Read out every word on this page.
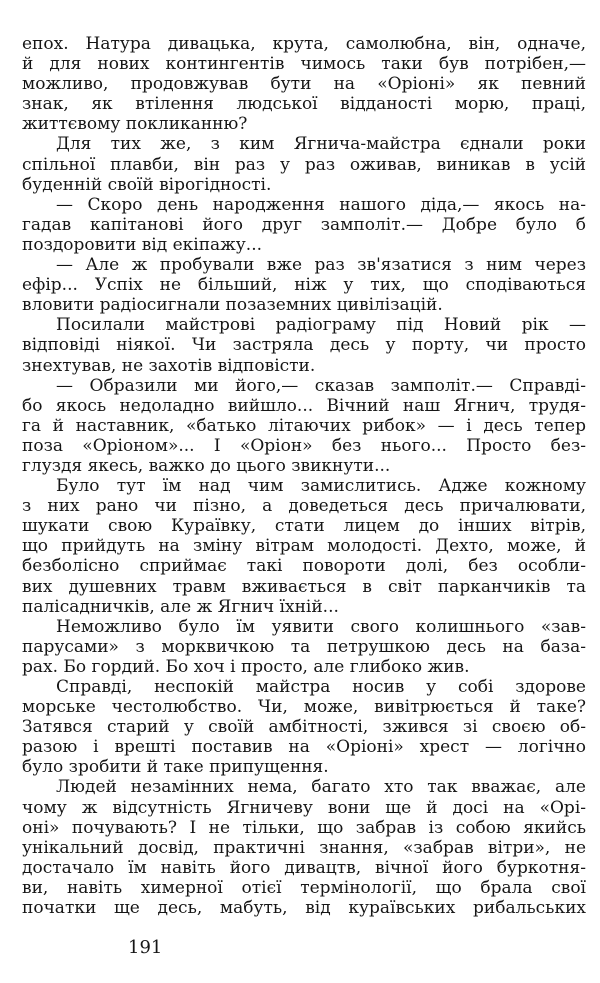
епох. Натура дивацька, крута, самолюбна, він, одначе,
й для нових контингентів чимось таки був потрібен,—
можливо, продовжував бути на «Оріоні» як певний
знак, як втілення людської відданості морю, праці,
життєвому покликанню?
Для тих же, з ким Ягнича-майстра єднали роки
спільної плавби, він раз у раз оживав, виникав в усій
буденній своїй вірогідності.
— Скоро день народження нашого діда,— якось на-
гадав капітанові його друг замполіт.— Добре було б
поздоровити від екіпажу...
— Але ж пробували вже раз зв'язатися з ним через
ефір... Успіх не більший, ніж у тих, що сподіваються
вловити радіосигнали позаземних цивілізацій.
Посилали майстрові радіограму під Новий рік —
відповіді ніякої. Чи застряла десь у порту, чи просто
знехтував, не захотів відповісти.
— Образили ми його,— сказав замполіт.— Справді-
бо якось недоладно вийшло... Вічний наш Ягнич, трудя-
га й наставник, «батько літаючих рибок» — і десь тепер
поза «Оріоном»... І «Оріон» без нього... Просто без-
глуздя якесь, важко до цього звикнути...
Було тут їм над чим замислитись. Адже кожному
з них рано чи пізно, а доведеться десь причалювати,
шукати свою Кураївку, стати лицем до інших вітрів,
що прийдуть на зміну вітрам молодості. Дехто, може, й
безболісно сприймає такі повороти долі, без особли-
вих душевних травм вживається в світ парканчиків та
палісадничків, але ж Ягнич їхній...
Неможливо було їм уявити свого колишнього «зав-
парусами» з морквичкою та петрушкою десь на база-
рах. Бо гордий. Бо хоч і просто, але глибоко жив.
Справді, неспокій майстра носив у собі здорове
морське честолюбство. Чи, може, вивітрюється й таке?
Затявся старий у своїй амбітності, зжився зі своєю об-
разою і врешті поставив на «Оріоні» хрест — логічно
було зробити й таке припущення.
Людей незамінних нема, багато хто так вважає, але
чому ж відсутність Ягничеву вони ще й досі на «Орі-
оні» почувають? І не тільки, що забрав із собою якийсь
унікальний досвід, практичні знання, «забрав вітри», не
достачало їм навіть його дивацтв, вічної його буркотня-
ви, навіть химерної отієї термінології, що брала свої
початки ще десь, мабуть, від кураївських рибальських
191
